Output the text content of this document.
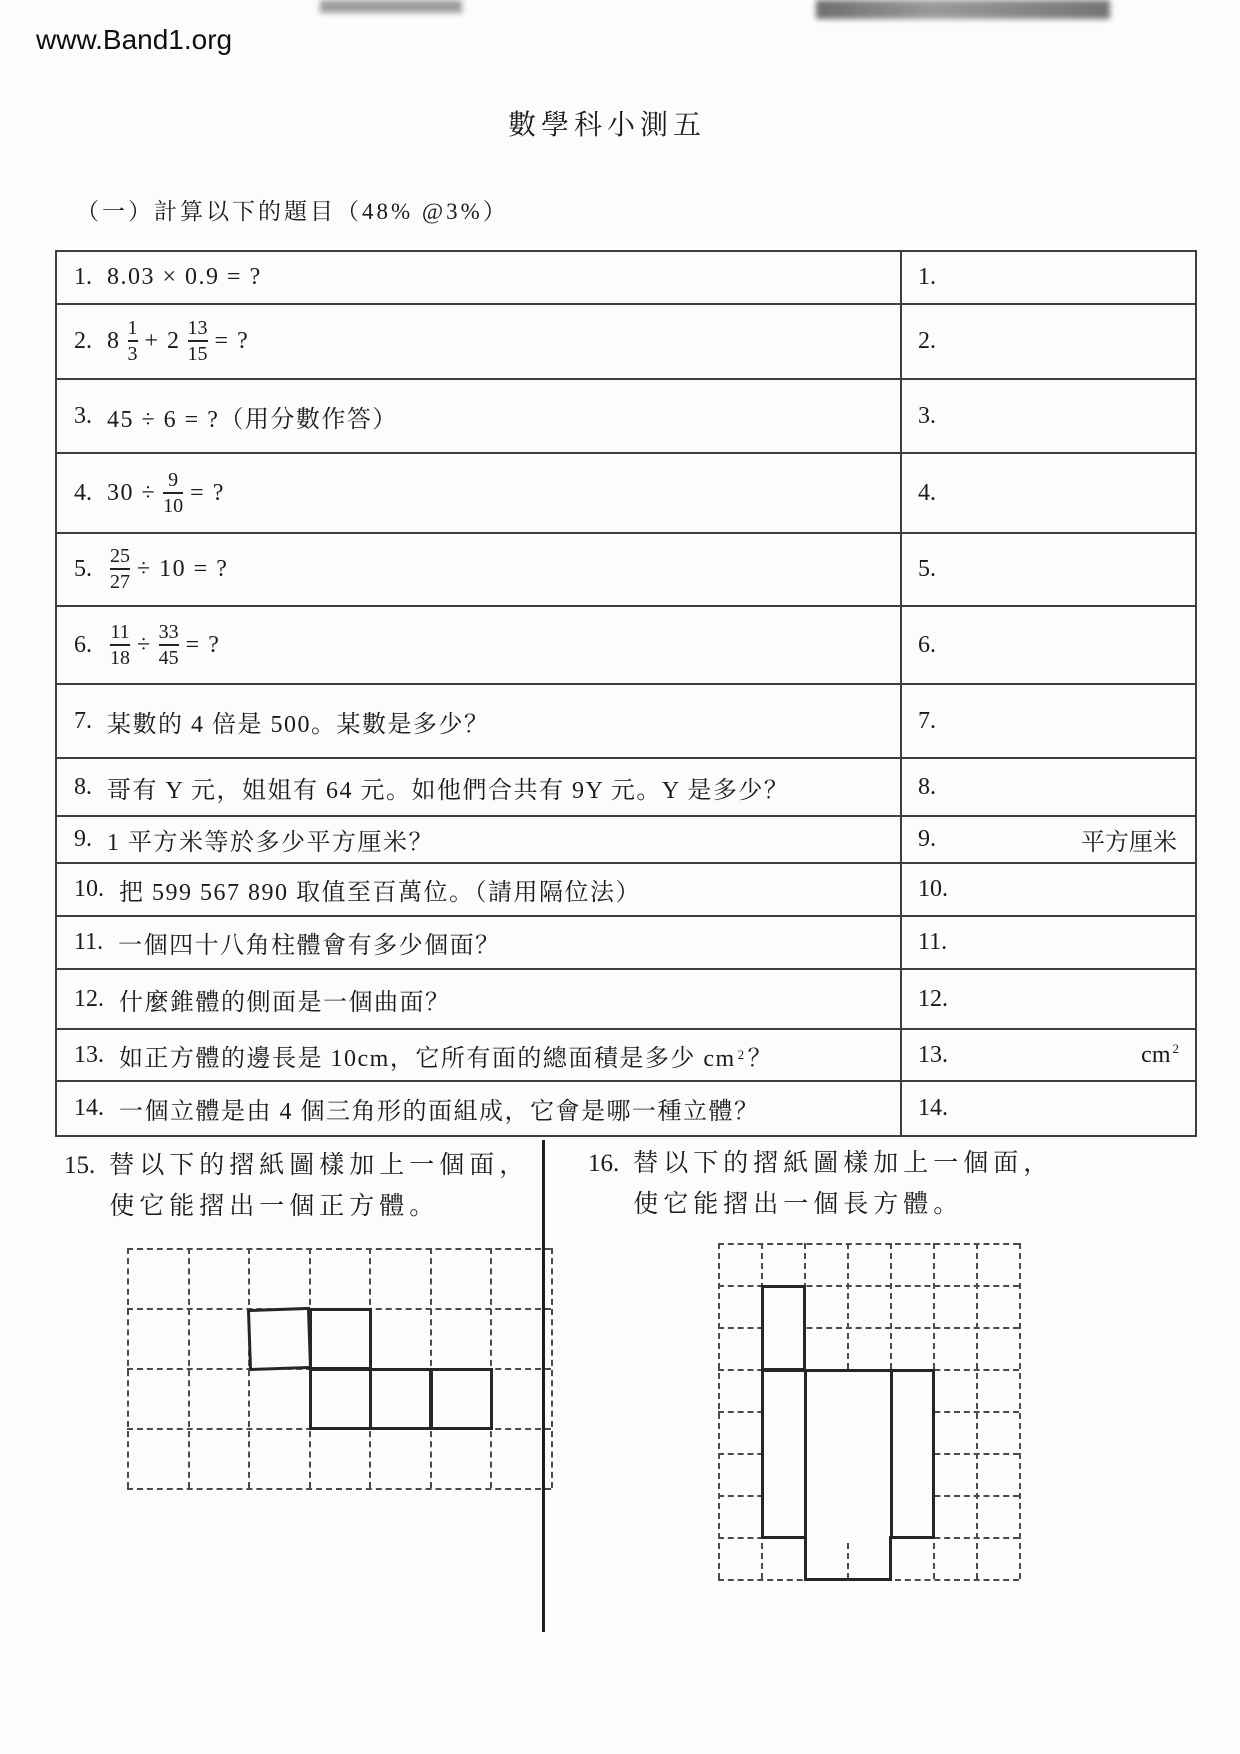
www.Band1.org
數學科小測五
（一）計算以下的題目（48% @3%）
1. 8.03 × 0.9 = ?	1.
2. $8 \frac{1}{3} + 2 \frac{13}{15}$ = ?	2.
3. 45 ÷ 6 = ?（用分數作答）	3.
4. $30 \div \frac{9}{10}$ = ?	4.
5. $\frac{25}{27} \div 10$ = ?	5.
6. $\frac{11}{18} \div \frac{33}{45}$ = ?	6.
7. 某數的 4 倍是 500。某數是多少？	7.
8. 哥有 Y 元，姐姐有 64 元。如他們合共有 9Y 元。Y 是多少？	8.
9. 1 平方米等於多少平方厘米？	9.	平方厘米
10. 把 599 567 890 取值至百萬位。（請用隔位法）	10.
11. 一個四十八角柱體會有多少個面？	11.
12. 什麼錐體的側面是一個曲面？	12.
13. 如正方體的邊長是 10cm，它所有面的總面積是多少 cm 2 ？	13.	cm $^2$
14. 一個立體是由 4 個三角形的面組成，它會是哪一種立體？	14.
15. 替以下的摺紙圖樣加上一個面，
使它能摺出一個正方體。
16. 替以下的摺紙圖樣加上一個面，
使它能摺出一個長方體。
